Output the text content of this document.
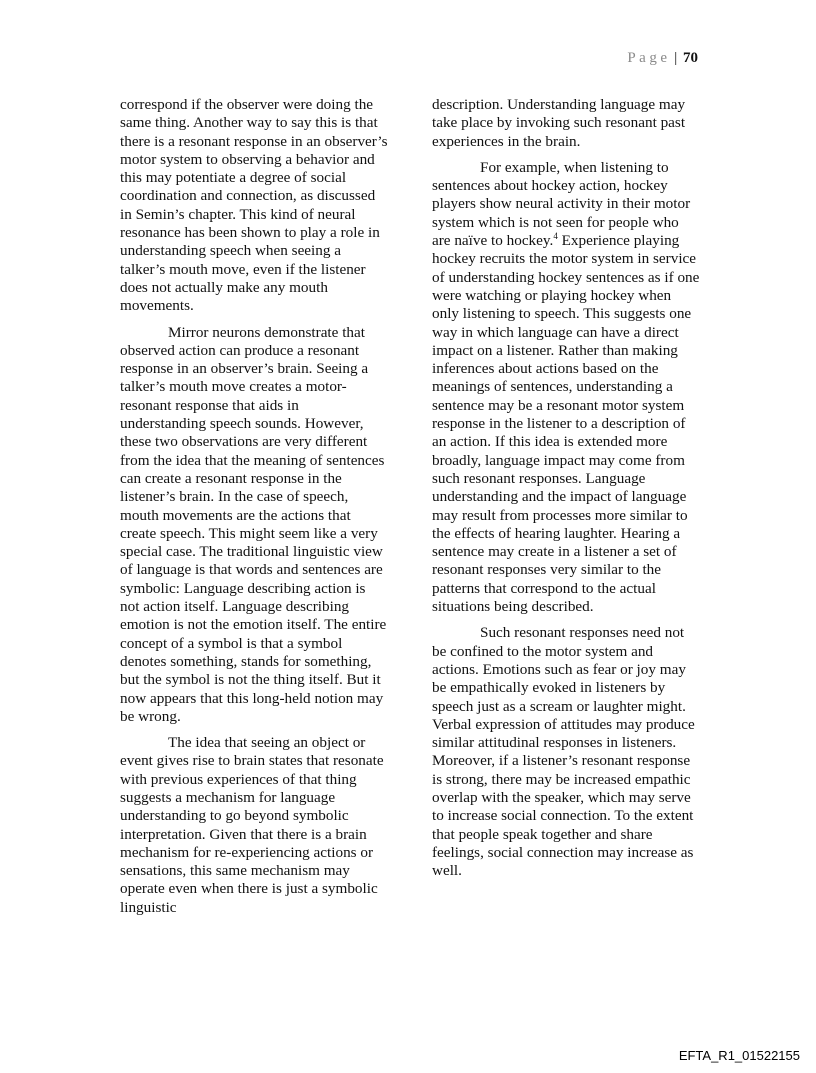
Page | 70

correspond if the observer were doing the same thing. Another way to say this is that there is a resonant response in an observer’s motor system to observing a behavior and this may potentiate a degree of social coordination and connection, as discussed in Semin’s chapter. This kind of neural resonance has been shown to play a role in understanding speech when seeing a talker’s mouth move, even if the listener does not actually make any mouth movements.

Mirror neurons demonstrate that observed action can produce a resonant response in an observer’s brain. Seeing a talker’s mouth move creates a motor-resonant response that aids in understanding speech sounds. However, these two observations are very different from the idea that the meaning of sentences can create a resonant response in the listener’s brain. In the case of speech, mouth movements are the actions that create speech. This might seem like a very special case. The traditional linguistic view of language is that words and sentences are symbolic: Language describing action is not action itself. Language describing emotion is not the emotion itself. The entire concept of a symbol is that a symbol denotes something, stands for something, but the symbol is not the thing itself. But it now appears that this long-held notion may be wrong.

The idea that seeing an object or event gives rise to brain states that resonate with previous experiences of that thing suggests a mechanism for language understanding to go beyond symbolic interpretation. Given that there is a brain mechanism for re-experiencing actions or sensations, this same mechanism may operate even when there is just a symbolic linguistic

description. Understanding language may take place by invoking such resonant past experiences in the brain.

For example, when listening to sentences about hockey action, hockey players show neural activity in their motor system which is not seen for people who are naïve to hockey.$^4$ Experience playing hockey recruits the motor system in service of understanding hockey sentences as if one were watching or playing hockey when only listening to speech. This suggests one way in which language can have a direct impact on a listener. Rather than making inferences about actions based on the meanings of sentences, understanding a sentence may be a resonant motor system response in the listener to a description of an action. If this idea is extended more broadly, language impact may come from such resonant responses. Language understanding and the impact of language may result from processes more similar to the effects of hearing laughter. Hearing a sentence may create in a listener a set of resonant responses very similar to the patterns that correspond to the actual situations being described.

Such resonant responses need not be confined to the motor system and actions. Emotions such as fear or joy may be empathically evoked in listeners by speech just as a scream or laughter might. Verbal expression of attitudes may produce similar attitudinal responses in listeners. Moreover, if a listener’s resonant response is strong, there may be increased empathic overlap with the speaker, which may serve to increase social connection. To the extent that people speak together and share feelings, social connection may increase as well.

EFTA_R1_01522155
